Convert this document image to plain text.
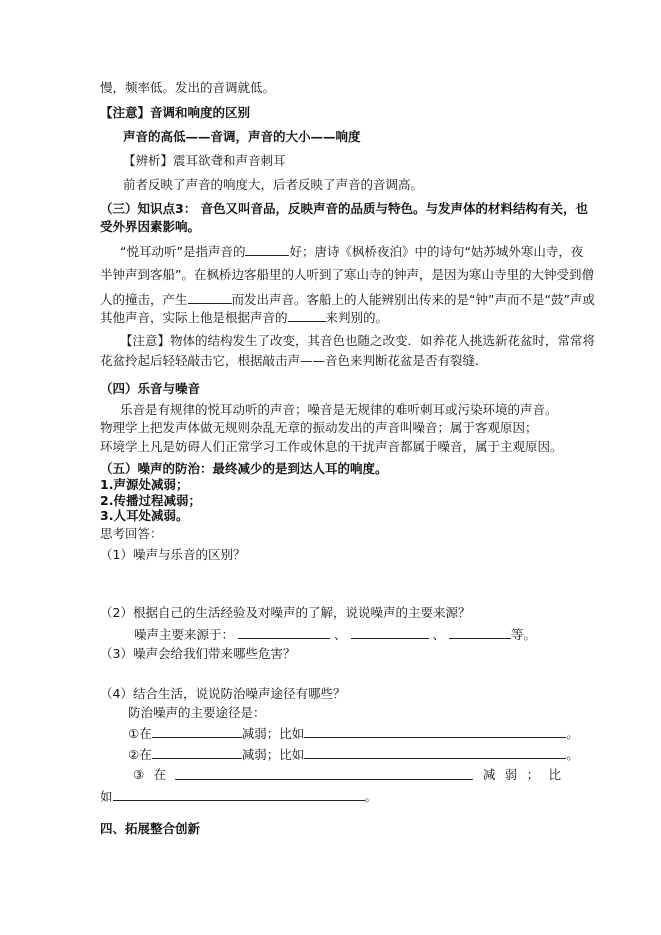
慢，频率低。发出的音调就低。
【注意】音调和响度的区别
声音的高低——音调，声音的大小——响度
【辨析】震耳欲聋和声音刺耳
前者反映了声音的响度大，后者反映了声音的音调高。
（三）知识点3： 音色又叫音品，反映声音的品质与特色。与发声体的材料结构有关，也
受外界因素影响。
“悦耳动听”是指声音的	好；唐诗《枫桥夜泊》中的诗句“姑苏城外寒山寺，夜
半钟声到客船”。在枫桥边客船里的人听到了寒山寺的钟声，是因为寒山寺里的大钟受到僧
人的撞击，产生	而发出声音。客船上的人能辨别出传来的是“钟”声而不是“鼓”声或
其他声音，实际上他是根据声音的	来判别的。
【注意】物体的结构发生了改变，其音色也随之改变．如养花人挑选新花盆时，常常将
花盆拎起后轻轻敲击它，根据敲击声——音色来判断花盆是否有裂缝．
（四）乐音与噪音
乐音是有规律的悦耳动听的声音；噪音是无规律的难听刺耳或污染环境的声音。
物理学上把发声体做无规则杂乱无章的振动发出的声音叫噪音；属于客观原因；
环境学上凡是妨碍人们正常学习工作或休息的干扰声音都属于噪音，属于主观原因。
（五）噪声的防治：最终减少的是到达人耳的响度。
1.声源处减弱；
2.传播过程减弱；
3.人耳处减弱。
思考回答：
（1）噪声与乐音的区别？
（2）根据自己的生活经验及对噪声的了解，说说噪声的主要来源？
噪声主要来源于：	、	、	等。
（3）噪声会给我们带来哪些危害？
（4）结合生活，说说防治噪声途径有哪些？
防治噪声的主要途径是：
①在	减弱；比如	。
②在	减弱；比如	。
③ 在	减 弱 ； 比
如	。
四、拓展整合创新
